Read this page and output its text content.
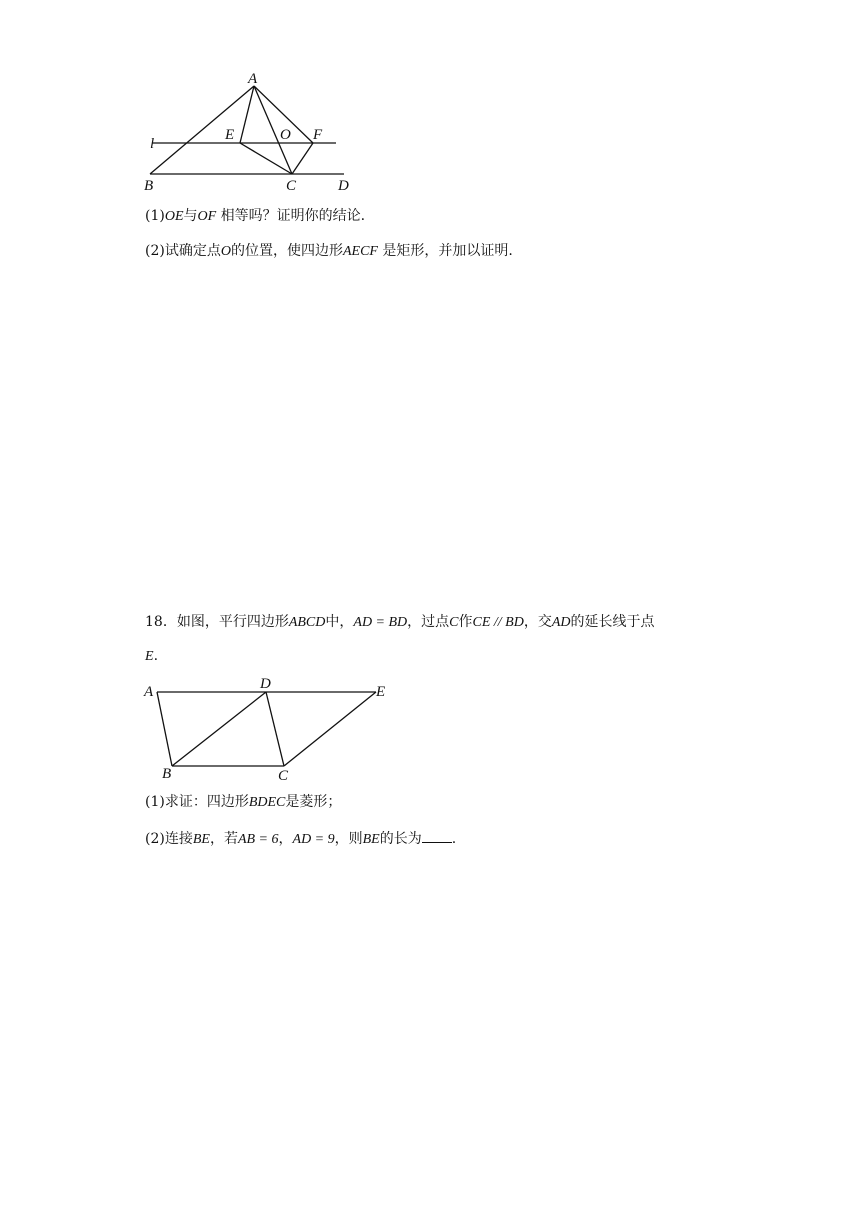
A
E	O F
l
B	C	D
(1)OE与OF 相等吗？证明你的结论.
(2)试确定点O的位置，使四边形AECF 是矩形，并加以证明.
18．如图，平行四边形ABCD中，AD = BD，过点C作CE // BD，交AD的延长线于点
E.
A	D	E
B	C
(1)求证：四边形BDEC是菱形；
(2)连接BE，若AB = 6，AD = 9，则BE的长为 .
